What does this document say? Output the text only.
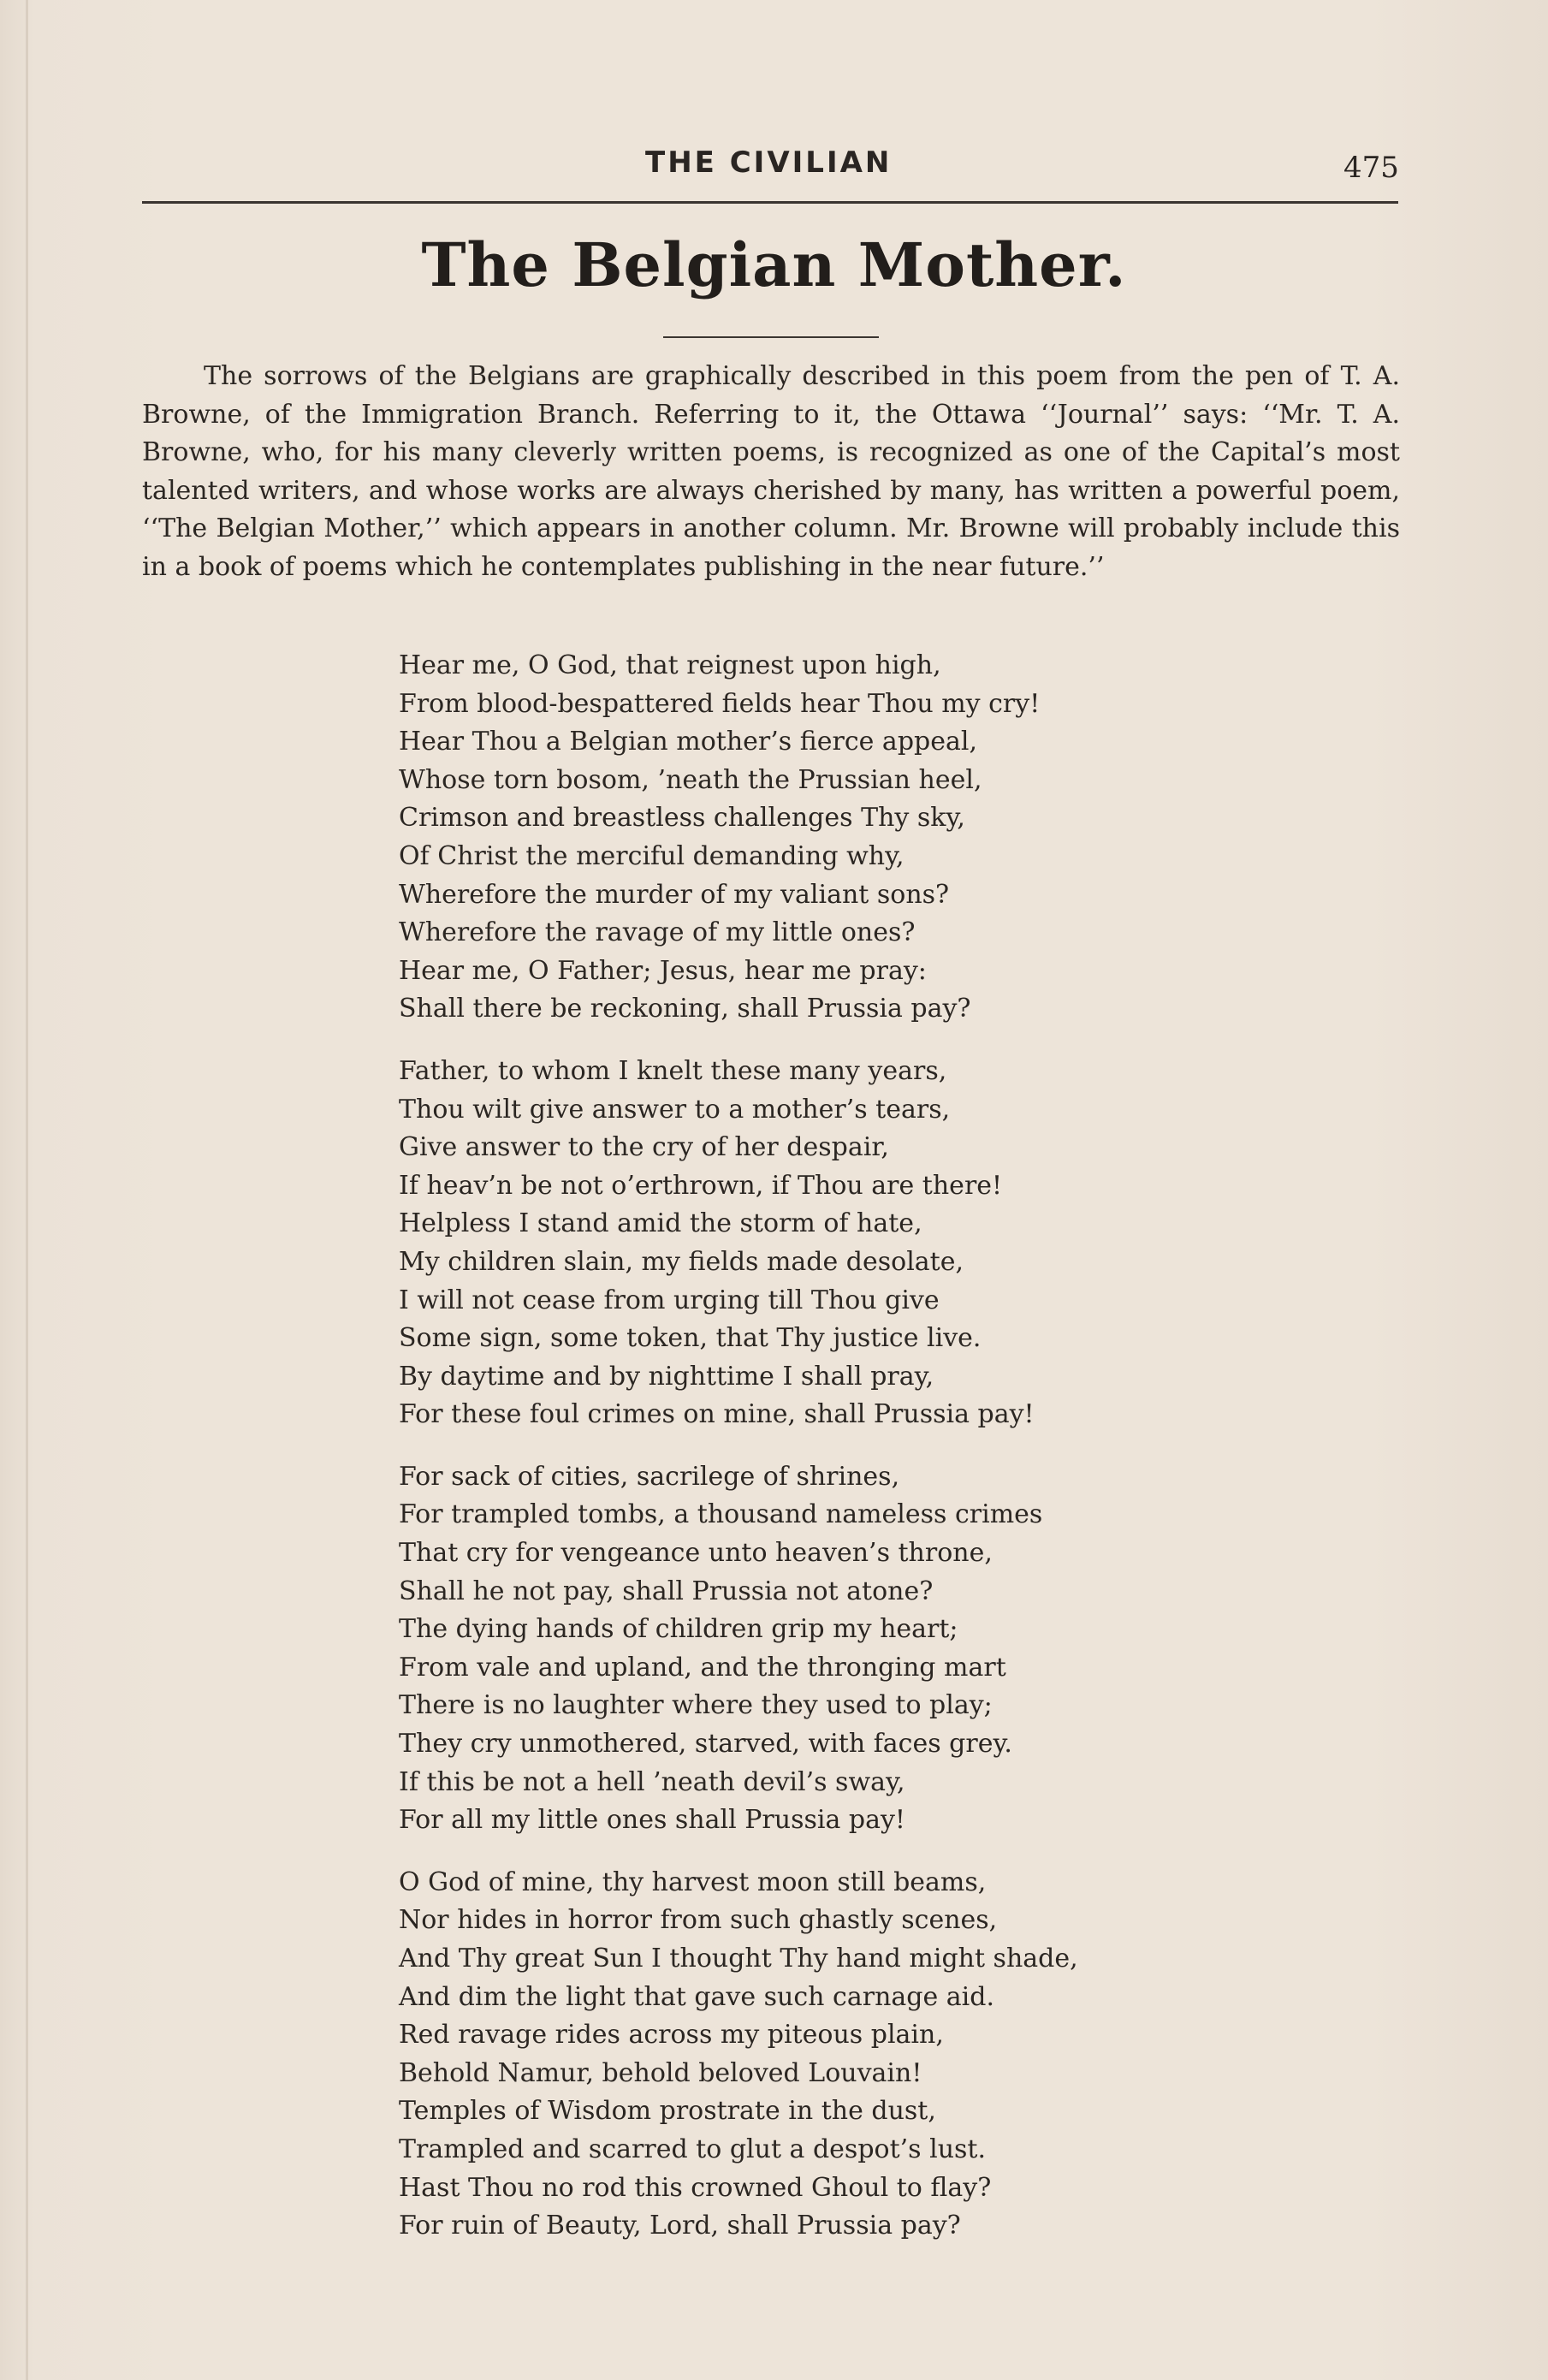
THE CIVILIAN	475
The Belgian Mother.

The sorrows of the Belgians are graphically described in this poem from the pen of T. A. Browne, of the Immigration Branch. Referring to it, the Ottawa ‘‘Journal’’ says: ‘‘Mr. T. A. Browne, who, for his many cleverly written poems, is recognized as one of the Capital’s most talented writers, and whose works are always cherished by many, has written a powerful poem, ‘‘The Belgian Mother,’’ which appears in another column. Mr. Browne will probably include this in a book of poems which he contemplates publishing in the near future.’’

Hear me, O God, that reignest upon high,
From blood-bespattered fields hear Thou my cry!
Hear Thou a Belgian mother’s fierce appeal,
Whose torn bosom, ’neath the Prussian heel,
Crimson and breastless challenges Thy sky,
Of Christ the merciful demanding why,
Wherefore the murder of my valiant sons?
Wherefore the ravage of my little ones?
Hear me, O Father; Jesus, hear me pray:
Shall there be reckoning, shall Prussia pay?
Father, to whom I knelt these many years,
Thou wilt give answer to a mother’s tears,
Give answer to the cry of her despair,
If heav’n be not o’erthrown, if Thou are there!
Helpless I stand amid the storm of hate,
My children slain, my fields made desolate,
I will not cease from urging till Thou give
Some sign, some token, that Thy justice live.
By daytime and by nighttime I shall pray,
For these foul crimes on mine, shall Prussia pay!
For sack of cities, sacrilege of shrines,
For trampled tombs, a thousand nameless crimes
That cry for vengeance unto heaven’s throne,
Shall he not pay, shall Prussia not atone?
The dying hands of children grip my heart;
From vale and upland, and the thronging mart
There is no laughter where they used to play;
They cry unmothered, starved, with faces grey.
If this be not a hell ’neath devil’s sway,
For all my little ones shall Prussia pay!
O God of mine, thy harvest moon still beams,
Nor hides in horror from such ghastly scenes,
And Thy great Sun I thought Thy hand might shade,
And dim the light that gave such carnage aid.
Red ravage rides across my piteous plain,
Behold Namur, behold beloved Louvain!
Temples of Wisdom prostrate in the dust,
Trampled and scarred to glut a despot’s lust.
Hast Thou no rod this crowned Ghoul to flay?
For ruin of Beauty, Lord, shall Prussia pay?
